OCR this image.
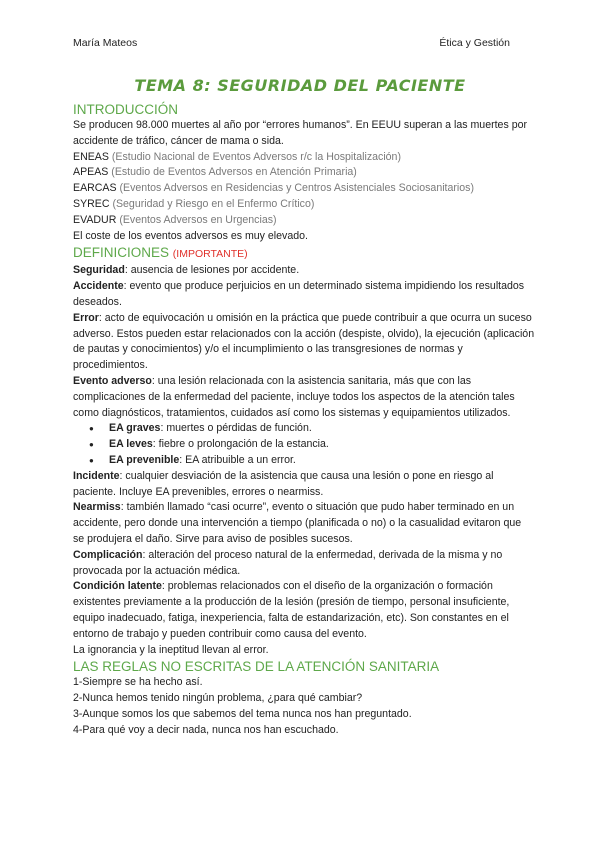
María Mateos	Ética y Gestión
TEMA 8: SEGURIDAD DEL PACIENTE
INTRODUCCIÓN

Se producen 98.000 muertes al año por “errores humanos”. En EEUU superan a las muertes por accidente de tráfico, cáncer de mama o sida.

ENEAS (Estudio Nacional de Eventos Adversos r/c la Hospitalización)

APEAS (Estudio de Eventos Adversos en Atención Primaria)

EARCAS (Eventos Adversos en Residencias y Centros Asistenciales Sociosanitarios)

SYREC (Seguridad y Riesgo en el Enfermo Crítico)

EVADUR (Eventos Adversos en Urgencias)

El coste de los eventos adversos es muy elevado.

DEFINICIONES (IMPORTANTE)

Seguridad: ausencia de lesiones por accidente.

Accidente: evento que produce perjuicios en un determinado sistema impidiendo los resultados deseados.

Error: acto de equivocación u omisión en la práctica que puede contribuir a que ocurra un suceso adverso. Estos pueden estar relacionados con la acción (despiste, olvido), la ejecución (aplicación de pautas y conocimientos) y/o el incumplimiento o las transgresiones de normas y procedimientos.

Evento adverso: una lesión relacionada con la asistencia sanitaria, más que con las complicaciones de la enfermedad del paciente, incluye todos los aspectos de la atención tales como diagnósticos, tratamientos, cuidados así como los sistemas y equipamientos utilizados.

● EA graves: muertes o pérdidas de función.
● EA leves: fiebre o prolongación de la estancia.
● EA prevenible: EA atribuible a un error.

Incidente: cualquier desviación de la asistencia que causa una lesión o pone en riesgo al paciente. Incluye EA prevenibles, errores o nearmiss.

Nearmiss: también llamado “casi ocurre”, evento o situación que pudo haber terminado en un accidente, pero donde una intervención a tiempo (planificada o no) o la casualidad evitaron que se produjera el daño. Sirve para aviso de posibles sucesos.

Complicación: alteración del proceso natural de la enfermedad, derivada de la misma y no provocada por la actuación médica.

Condición latente: problemas relacionados con el diseño de la organización o formación existentes previamente a la producción de la lesión (presión de tiempo, personal insuficiente, equipo inadecuado, fatiga, inexperiencia, falta de estandarización, etc). Son constantes en el entorno de trabajo y pueden contribuir como causa del evento.

La ignorancia y la ineptitud llevan al error.

LAS REGLAS NO ESCRITAS DE LA ATENCIÓN SANITARIA

1-Siempre se ha hecho así.

2-Nunca hemos tenido ningún problema, ¿para qué cambiar?

3-Aunque somos los que sabemos del tema nunca nos han preguntado.

4-Para qué voy a decir nada, nunca nos han escuchado.
